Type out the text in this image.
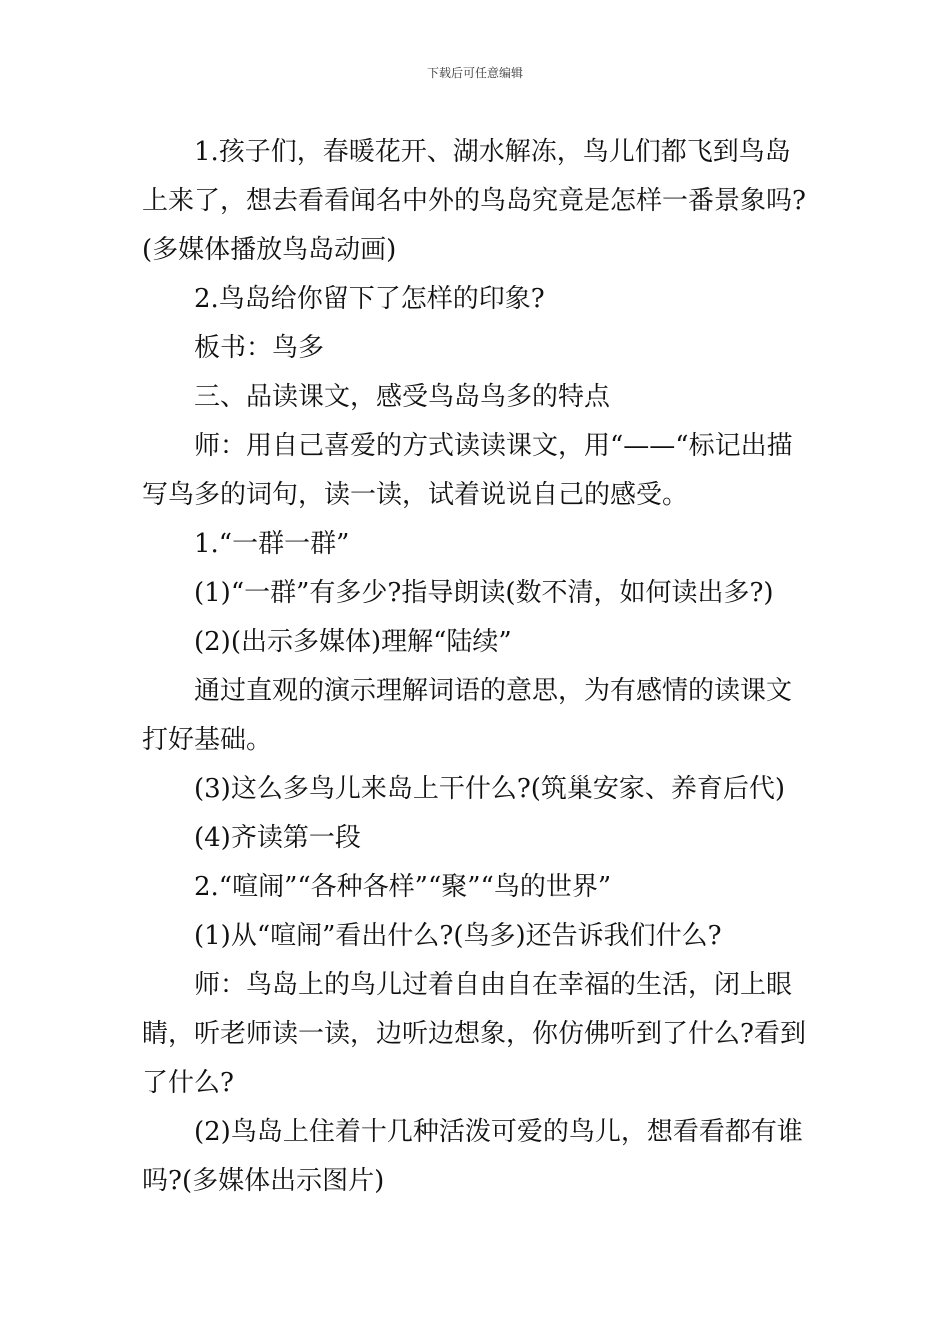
下载后可任意编辑

1.孩子们，春暖花开、湖水解冻，鸟儿们都飞到鸟岛上来了，想去看看闻名中外的鸟岛究竟是怎样一番景象吗?(多媒体播放鸟岛动画)

2.鸟岛给你留下了怎样的印象?

板书：鸟多

三、品读课文，感受鸟岛鸟多的特点

师：用自己喜爱的方式读读课文，用“——“标记出描写鸟多的词句，读一读，试着说说自己的感受。

1.“一群一群”

(1)“一群”有多少?指导朗读(数不清，如何读出多?)

(2)(出示多媒体)理解“陆续”

通过直观的演示理解词语的意思，为有感情的读课文打好基础。

(3)这么多鸟儿来岛上干什么?(筑巢安家、养育后代)

(4)齐读第一段

2.“喧闹”“各种各样”“聚”“鸟的世界”

(1)从“喧闹”看出什么?(鸟多)还告诉我们什么?

师：鸟岛上的鸟儿过着自由自在幸福的生活，闭上眼睛，听老师读一读，边听边想象，你仿佛听到了什么?看到了什么?

(2)鸟岛上住着十几种活泼可爱的鸟儿，想看看都有谁吗?(多媒体出示图片)
